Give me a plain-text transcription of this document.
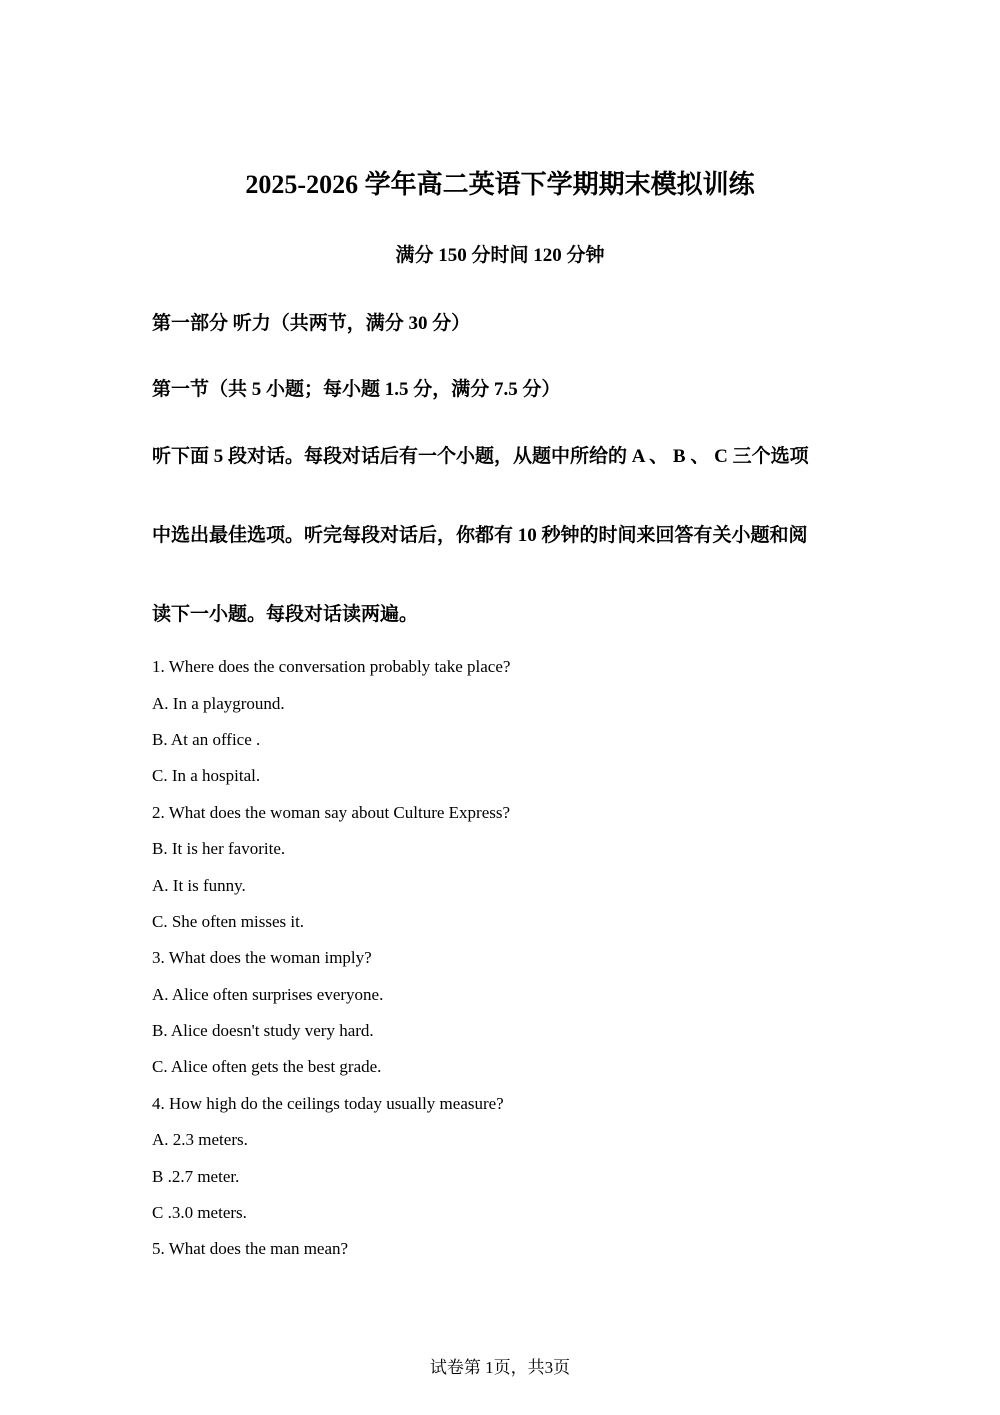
2025-2026 学年高二英语下学期期末模拟训练
满分 150 分时间 120 分钟
第一部分 听力（共两节，满分 30 分）
第一节（共 5 小题；每小题 1.5 分，满分 7.5 分）
听下面 5 段对话。每段对话后有一个小题，从题中所给的 A 、 B 、 C 三个选项
中选出最佳选项。听完每段对话后，你都有 10 秒钟的时间来回答有关小题和阅
读下一小题。每段对话读两遍。
1. Where does the conversation probably take place?
A. In a playground.
B. At an office .
C. In a hospital.
2. What does the woman say about Culture Express?
B. It is her favorite.
A. It is funny.
C. She often misses it.
3. What does the woman imply?
A. Alice often surprises everyone.
B. Alice doesn't study very hard.
C. Alice often gets the best grade.
4. How high do the ceilings today usually measure?
A. 2.3 meters.
B .2.7 meter.
C .3.0 meters.
5. What does the man mean?
试卷第 1页，共3页
